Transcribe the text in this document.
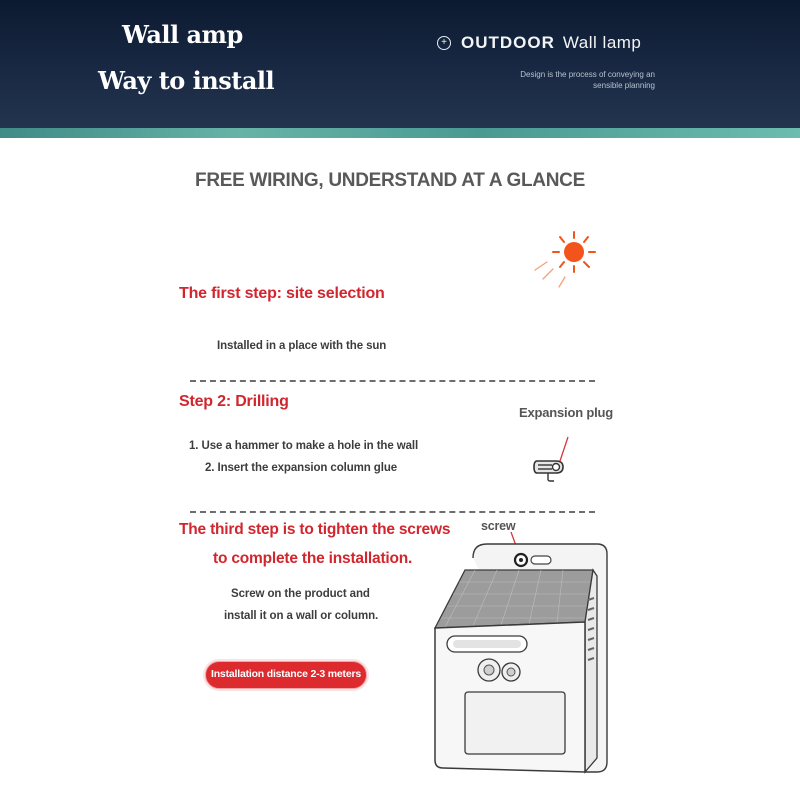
Wall amp
Way to install
+ OUTDOOR Wall lamp
Design is the process of conveying an
sensible planning
FREE WIRING, UNDERSTAND AT A GLANCE
The first step: site selection
Installed in a place with the sun
Step 2: Drilling
Expansion plug
1. Use a hammer to make a hole in the wall
2. Insert the expansion column glue
The third step is to tighten the screws
to complete the installation.
screw
Screw on the product and
install it on a wall or column.
Installation distance 2-3 meters
